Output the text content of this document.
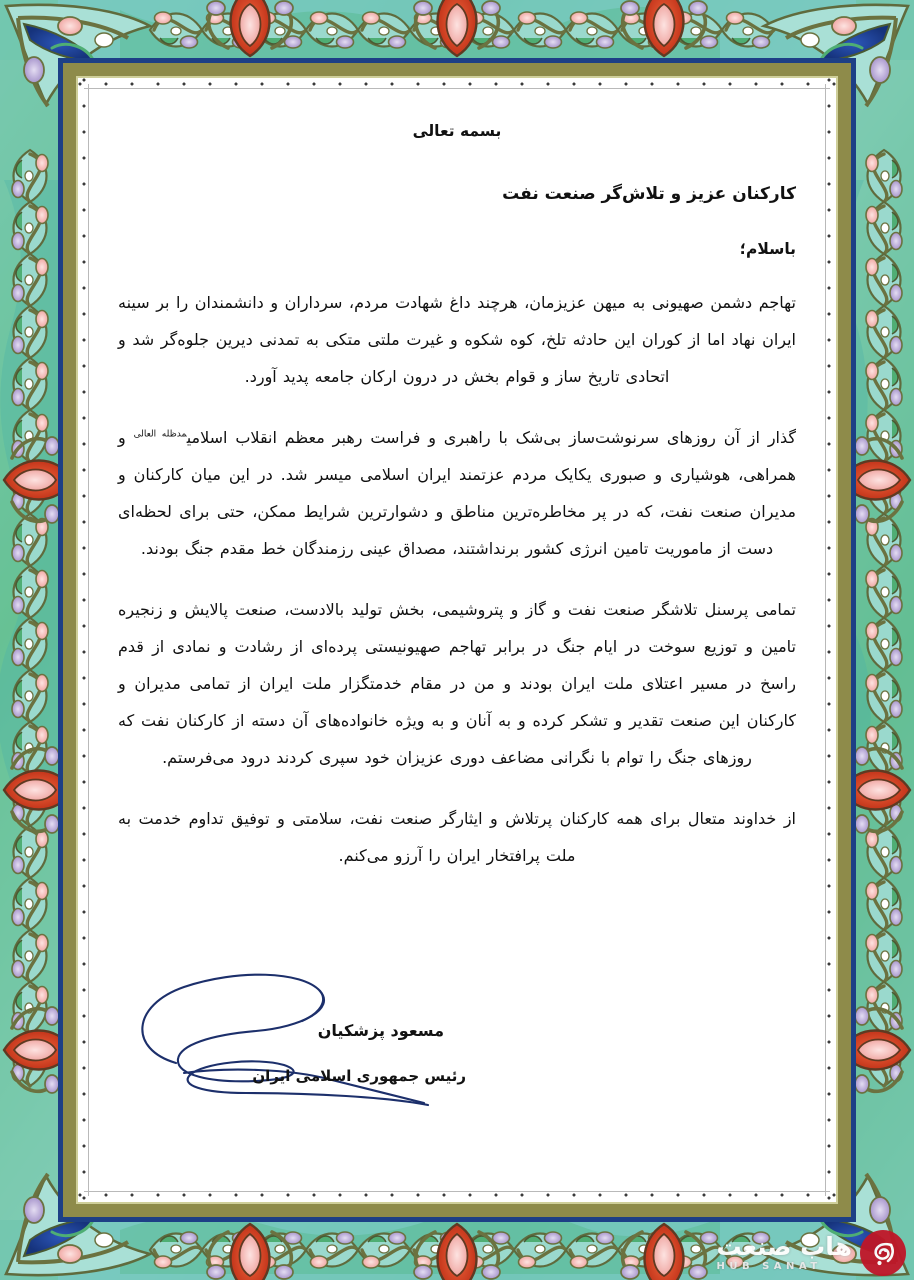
بسمه تعالی
کارکنان عزیز و تلاش‌گر صنعت نفت
باسلام؛

تهاجم دشمن صهیونی به میهن عزیزمان، هرچند داغ شهادت مردم، سرداران و دانشمندان را بر سینه ایران نهاد اما از کوران این حادثه تلخ، کوه شکوه و غیرت ملتی متکی به تمدنی دیرین جلوه‌گر شد و اتحادی تاریخ ساز و قوام بخش در درون ارکان جامعه پدید آورد.

گذار از آن روزهای سرنوشت‌ساز بی‌شک با راهبری و فراست رهبر معظم انقلاب اسلامی$^{مدظله العالی}$ و همراهی، هوشیاری و صبوری یکایک مردم عزتمند ایران اسلامی میسر شد. در این میان کارکنان و مدیران صنعت نفت، که در پر مخاطره‌ترین مناطق و دشوارترین شرایط ممکن، حتی برای لحظه‌ای دست از ماموریت تامین انرژی کشور برنداشتند، مصداق عینی رزمندگان خط مقدم جنگ بودند.

تمامی پرسنل تلاشگر صنعت نفت و گاز و پتروشیمی، بخش تولید بالادست، صنعت پالایش و زنجیره تامین و توزیع سوخت در ایام جنگ در برابر تهاجم صهیونیستی پرده‌ای از رشادت و نمادی از قدم راسخ در مسیر اعتلای ملت ایران بودند و من در مقام خدمتگزار ملت ایران از تمامی مدیران و کارکنان این صنعت تقدیر و تشکر کرده و به آنان و به ویژه خانواده‌های آن دسته از کارکنان نفت که روزهای جنگ را توام با نگرانی مضاعف دوری عزیزان خود سپری کردند درود می‌فرستم.

از خداوند متعال برای همه کارکنان پرتلاش و ایثارگر صنعت نفت، سلامتی و توفیق تداوم خدمت به ملت پرافتخار ایران را آرزو می‌کنم.

مسعود پزشکیان
رئیس جمهوری اسلامی ایران
هاب صنعت
HUB SANAT
